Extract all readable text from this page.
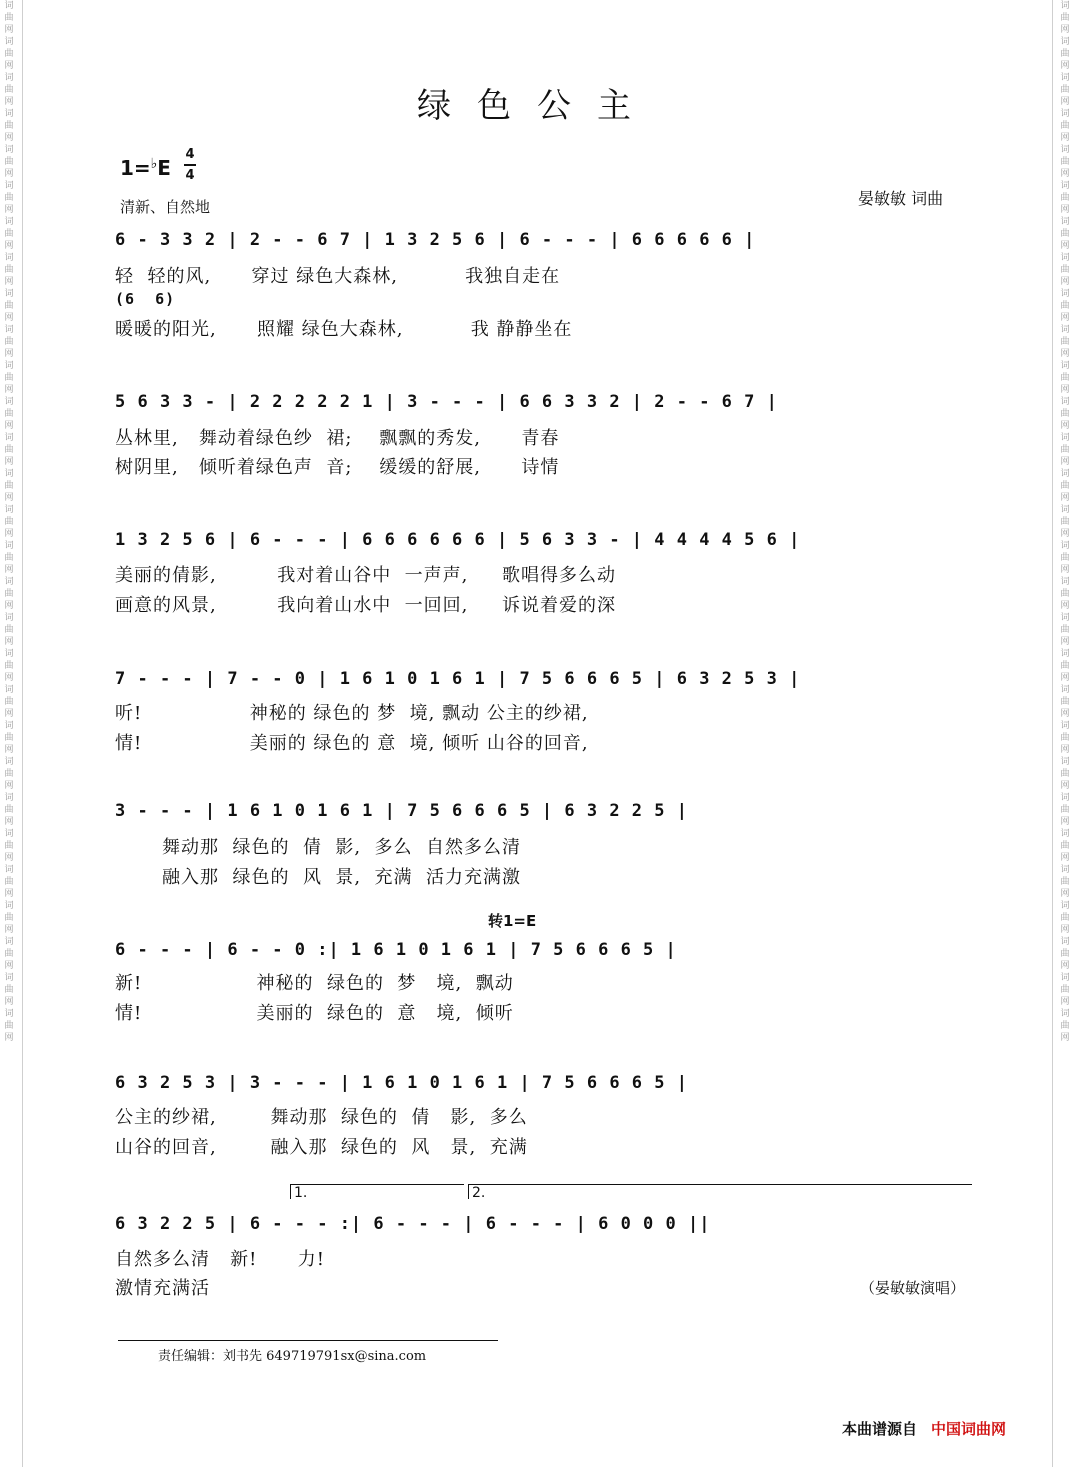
词
曲
网
词
曲
网
词
曲
网
词
曲
网
词
曲
网
词
曲
网
词
曲
网
词
曲
网
词
曲
网
词
曲
网
词
曲
网
词
曲
网
词
曲
网
词
曲
网
词
曲
网
词
曲
网
词
曲
网
词
曲
网
词
曲
网
词
曲
网
词
曲
网
词
曲
网
词
曲
网
词
曲
网
词
曲
网
词
曲
网
词
曲
网
词
曲
网
词
曲
网
词
曲
网
词
曲
网
词
曲
网
词
曲
网
词
曲
网
词
曲
网
词
曲
网
词
曲
网
词
曲
网
词
曲
网
词
曲
网
词
曲
网
词
曲
网
词
曲
网
词
曲
网
词
曲
网
词
曲
网
词
曲
网
词
曲
网
词
曲
网
词
曲
网
词
曲
网
词
曲
网
词
曲
网
词
曲
网
词
曲
网
词
曲
网
词
曲
网
词
曲
网
绿色公主
1=♭E
4
4
清新、自然地	晏敏敏 词曲
6 - 3 3 2 | 2 - - 6 7 | 1 3 2 5 6 | 6 - - - | 6 6 6 6 6 |
轻  轻的风,      穿过 绿色大森林,          我独自走在
(6  6)
暖暖的阳光,      照耀 绿色大森林,          我 静静坐在
5 6 3 3 - | 2 2 2 2 2 1 | 3 - - - | 6 6 3 3 2 | 2 - - 6 7 |
丛林里,   舞动着绿色纱  裙;    飘飘的秀发,      青春
树阴里,   倾听着绿色声  音;    缓缓的舒展,      诗情
1 3 2 5 6 | 6 - - - | 6 6 6 6 6 6 | 5 6 3 3 - | 4 4 4 4 5 6 |
美丽的倩影,         我对着山谷中  一声声,     歌唱得多么动
画意的风景,         我向着山水中  一回回,     诉说着爱的深
7 - - - | 7 - - 0 | 1 6 1 0 1 6 1 | 7 5 6 6 6 5 | 6 3 2 5 3 |
听!                神秘的 绿色的 梦  境, 飘动 公主的纱裙,
情!                美丽的 绿色的 意  境, 倾听 山谷的回音,
3 - - - | 1 6 1 0 1 6 1 | 7 5 6 6 6 5 | 6 3 2 2 5 |
舞动那  绿色的  倩  影,  多么  自然多么清
融入那  绿色的  风  景,  充满  活力充满激
转1=E
6 - - - | 6 - - 0 :| 1 6 1 0 1 6 1 | 7 5 6 6 6 5 |
新!                 神秘的  绿色的  梦   境,  飘动
情!                 美丽的  绿色的  意   境,  倾听
6 3 2 5 3 | 3 - - - | 1 6 1 0 1 6 1 | 7 5 6 6 6 5 |
公主的纱裙,        舞动那  绿色的  倩   影,  多么
山谷的回音,        融入那  绿色的  风   景,  充满
1.	2.
6 3 2 2 5 | 6 - - - :| 6 - - - | 6 - - - | 6 0 0 0 ||
自然多么清   新!      力!
激情充满活	（晏敏敏演唱）
责任编辑：刘书先 649719791sx@sina.com
本曲谱源自 中国词曲网
